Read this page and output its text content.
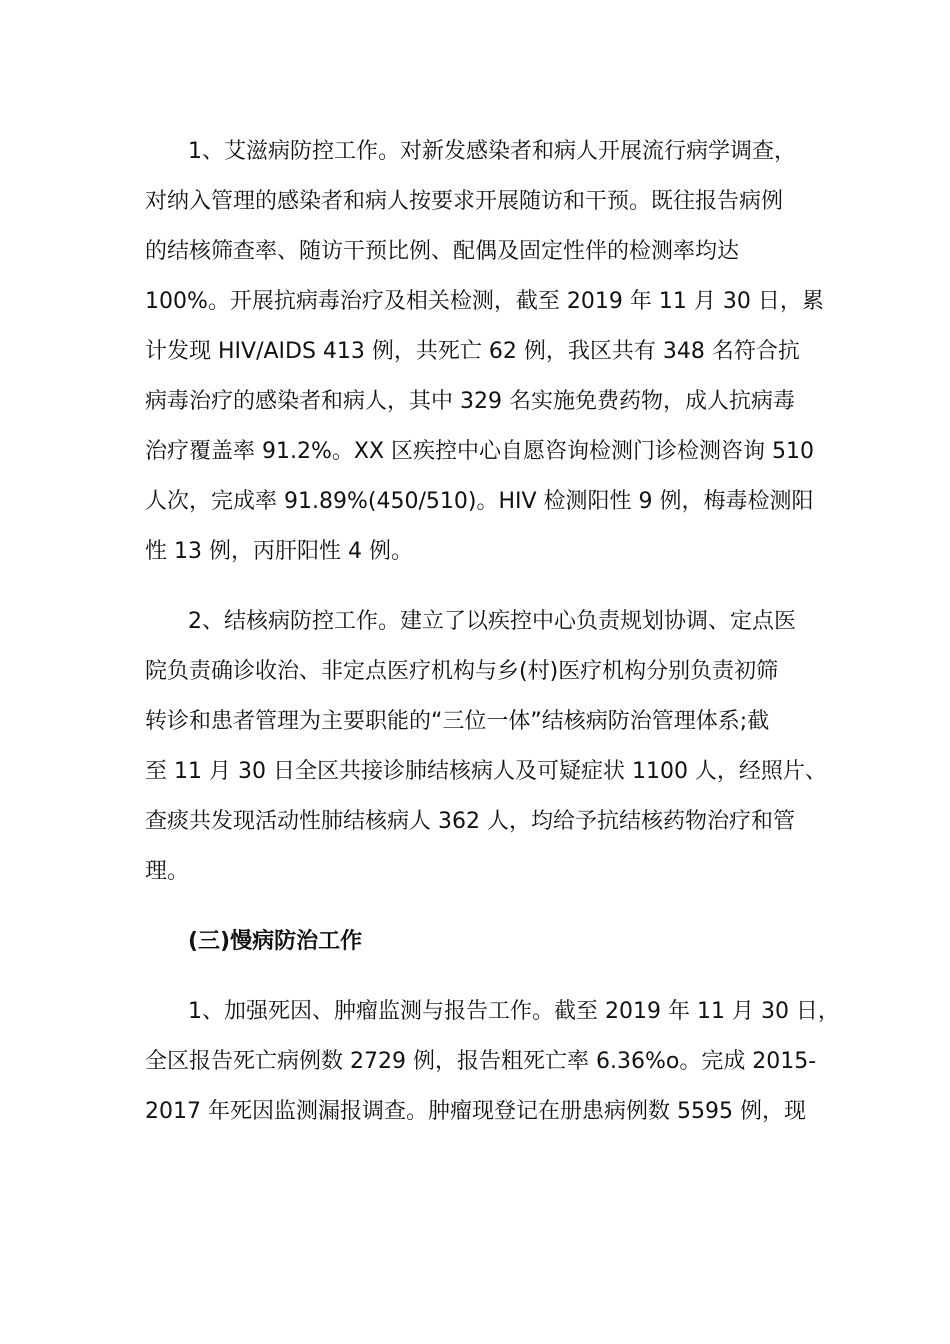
1、艾滋病防控工作。对新发感染者和病人开展流行病学调查，
对纳入管理的感染者和病人按要求开展随访和干预。既往报告病例
的结核筛查率、随访干预比例、配偶及固定性伴的检测率均达
100%。开展抗病毒治疗及相关检测，截至 2019 年 11 月 30 日，累
计发现 HIV/AIDS 413 例，共死亡 62 例，我区共有 348 名符合抗
病毒治疗的感染者和病人，其中 329 名实施免费药物，成人抗病毒
治疗覆盖率 91.2%。XX 区疾控中心自愿咨询检测门诊检测咨询 510
人次，完成率 91.89%(450/510)。HIV 检测阳性 9 例，梅毒检测阳
性 13 例，丙肝阳性 4 例。
2、结核病防控工作。建立了以疾控中心负责规划协调、定点医
院负责确诊收治、非定点医疗机构与乡(村)医疗机构分别负责初筛
转诊和患者管理为主要职能的“三位一体”结核病防治管理体系;截
至 11 月 30 日全区共接诊肺结核病人及可疑症状 1100 人，经照片、
查痰共发现活动性肺结核病人 362 人，均给予抗结核药物治疗和管
理。
(三)慢病防治工作
1、加强死因、肿瘤监测与报告工作。截至 2019 年 11 月 30 日，
全区报告死亡病例数 2729 例，报告粗死亡率 6.36%o。完成 2015-
2017 年死因监测漏报调查。肿瘤现登记在册患病例数 5595 例，现
